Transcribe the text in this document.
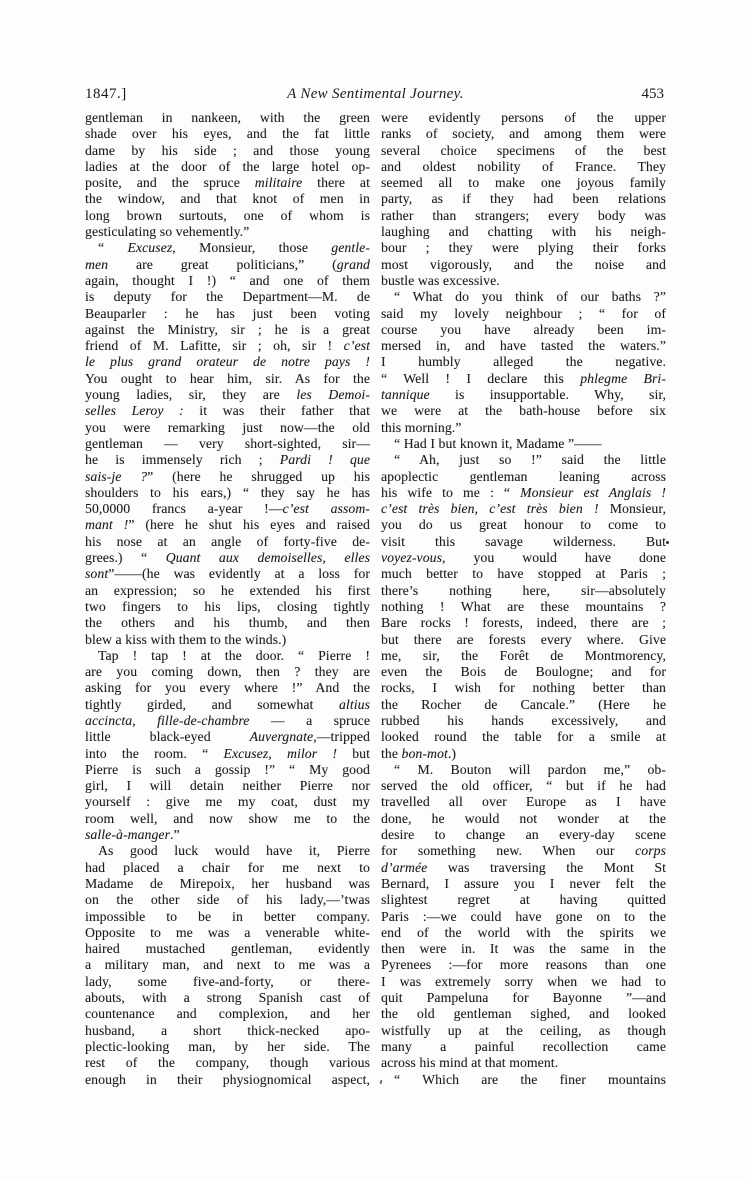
1847.]	A New Sentimental Journey.	453
gentleman in nankeen, with the green
shade over his eyes, and the fat little
dame by his side ; and those young
ladies at the door of the large hotel op-
posite, and the spruce militaire there at
the window, and that knot of men in
long brown surtouts, one of whom is
gesticulating so vehemently.”
“ Excusez, Monsieur, those gentle-
men are great politicians,” (grand
again, thought I !) “ and one of them
is deputy for the Department—M. de
Beauparler : he has just been voting
against the Ministry, sir ; he is a great
friend of M. Lafitte, sir ; oh, sir ! c’est
le plus grand orateur de notre pays !
You ought to hear him, sir. As for the
young ladies, sir, they are les Demoi-
selles Leroy : it was their father that
you were remarking just now—the old
gentleman — very short-sighted, sir—
he is immensely rich ; Pardi ! que
sais-je ?” (here he shrugged up his
shoulders to his ears,) “ they say he has
50,0000 francs a-year !—c’est assom-
mant !” (here he shut his eyes and raised
his nose at an angle of forty-five de-
grees.) “ Quant aux demoiselles, elles
sont”——(he was evidently at a loss for
an expression; so he extended his first
two fingers to his lips, closing tightly
the others and his thumb, and then
blew a kiss with them to the winds.)
Tap ! tap ! at the door. “ Pierre !
are you coming down, then ? they are
asking for you every where !” And the
tightly girded, and somewhat altius
accincta, fille-de-chambre — a spruce
little black-eyed Auvergnate,—tripped
into the room. “ Excusez, milor ! but
Pierre is such a gossip !” “ My good
girl, I will detain neither Pierre nor
yourself : give me my coat, dust my
room well, and now show me to the
salle-à-manger.”
As good luck would have it, Pierre
had placed a chair for me next to
Madame de Mirepoix, her husband was
on the other side of his lady,—’twas
impossible to be in better company.
Opposite to me was a venerable white-
haired mustached gentleman, evidently
a military man, and next to me was a
lady, some five-and-forty, or there-
abouts, with a strong Spanish cast of
countenance and complexion, and her
husband, a short thick-necked apo-
plectic-looking man, by her side. The
rest of the company, though various
enough in their physiognomical aspect,
were evidently persons of the upper
ranks of society, and among them were
several choice specimens of the best
and oldest nobility of France. They
seemed all to make one joyous family
party, as if they had been relations
rather than strangers; every body was
laughing and chatting with his neigh-
bour ; they were plying their forks
most vigorously, and the noise and
bustle was excessive.
“ What do you think of our baths ?”
said my lovely neighbour ; “ for of
course you have already been im-
mersed in, and have tasted the waters.”
I humbly alleged the negative.
“ Well ! I declare this phlegme Bri-
tannique is insupportable. Why, sir,
we were at the bath-house before six
this morning.”
“ Had I but known it, Madame ”——
“ Ah, just so !” said the little
apoplectic gentleman leaning across
his wife to me : “ Monsieur est Anglais !
c’est très bien, c’est très bien ! Monsieur,
you do us great honour to come to
visit this savage wilderness. But
voyez-vous, you would have done
much better to have stopped at Paris ;
there’s nothing here, sir—absolutely
nothing ! What are these mountains ?
Bare rocks ! forests, indeed, there are ;
but there are forests every where. Give
me, sir, the Forêt de Montmorency,
even the Bois de Boulogne; and for
rocks, I wish for nothing better than
the Rocher de Cancale.” (Here he
rubbed his hands excessively, and
looked round the table for a smile at
the bon-mot.)
“ M. Bouton will pardon me,” ob-
served the old officer, “ but if he had
travelled all over Europe as I have
done, he would not wonder at the
desire to change an every-day scene
for something new. When our corps
d’armée was traversing the Mont St
Bernard, I assure you I never felt the
slightest regret at having quitted
Paris :—we could have gone on to the
end of the world with the spirits we
then were in. It was the same in the
Pyrenees :—for more reasons than one
I was extremely sorry when we had to
quit Pampeluna for Bayonne ”—and
the old gentleman sighed, and looked
wistfully up at the ceiling, as though
many a painful recollection came
across his mind at that moment.
“ Which are the finer mountains
